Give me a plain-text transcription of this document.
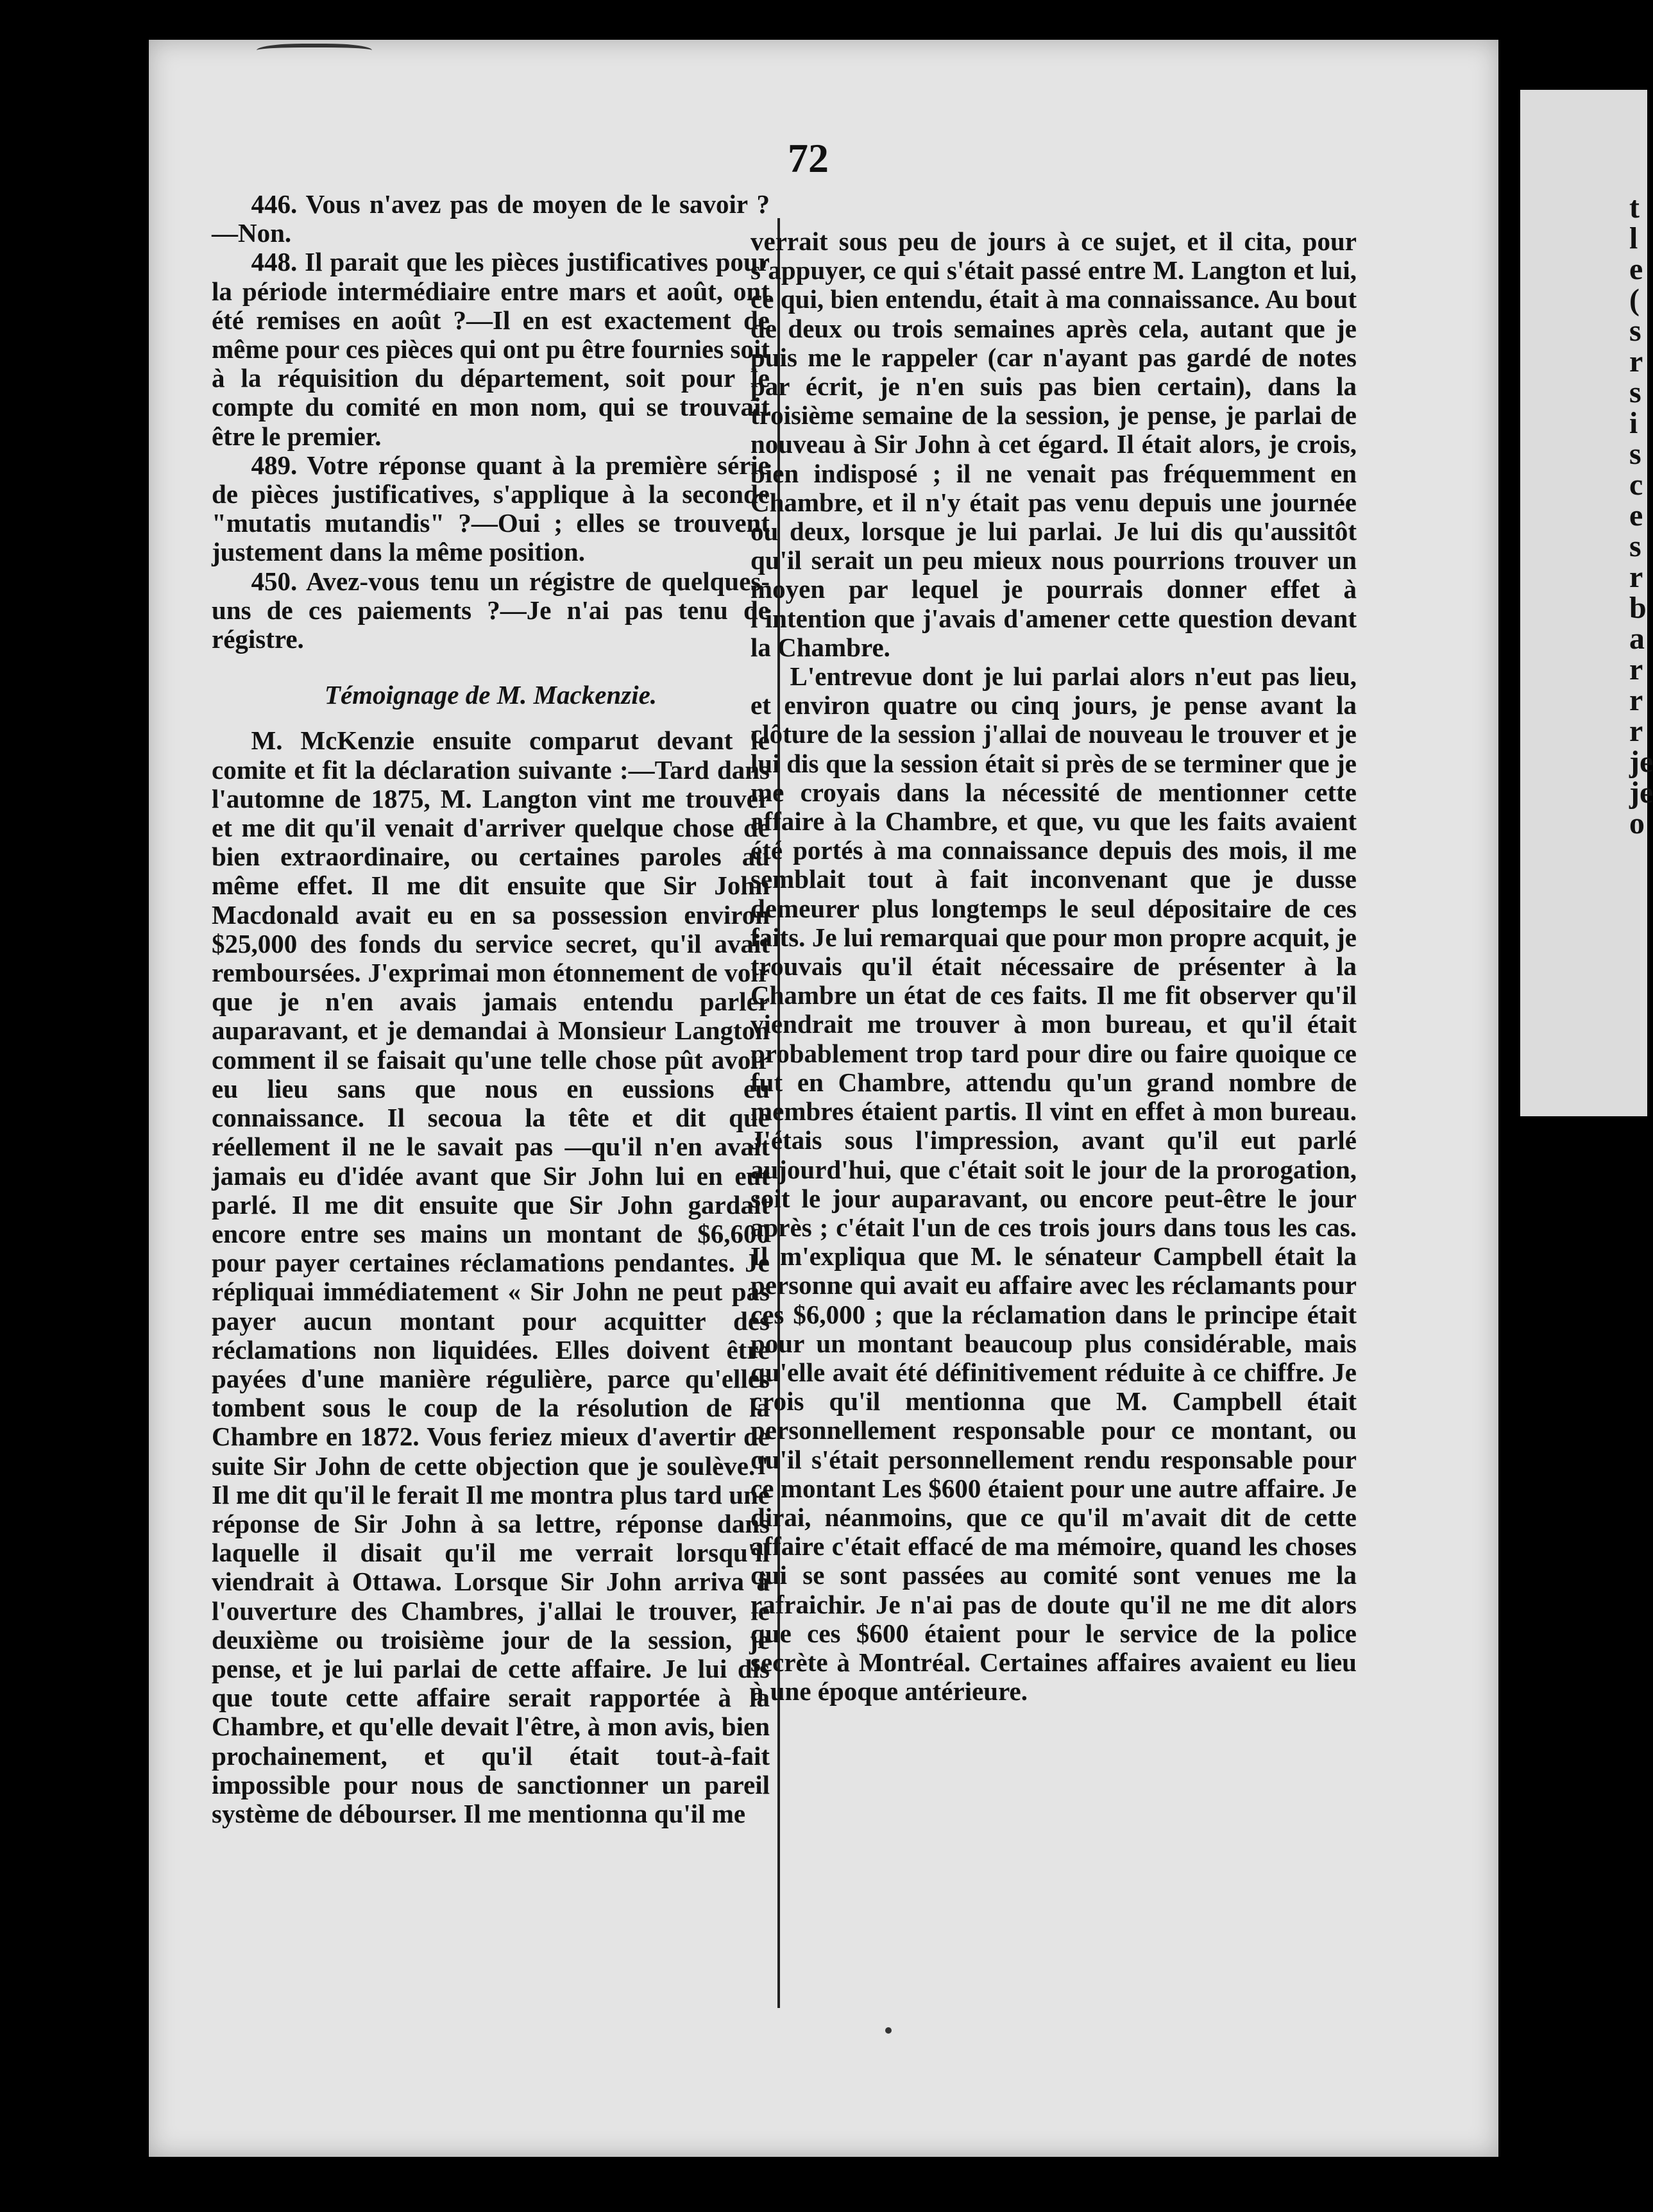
t
l
e
(
s
r
s
i
s
c
e
s
r
b
a
r
r
r
je
je
o
72

446. Vous n'avez pas de moyen de le savoir ?—Non.

448. Il parait que les pièces justificatives pour la période intermédiaire entre mars et août, ont été remises en août ?—Il en est exactement de même pour ces pièces qui ont pu être fournies soit à la réquisition du département, soit pour le compte du comité en mon nom, qui se trouvait être le premier.

489. Votre réponse quant à la première série de pièces justificatives, s'applique à la seconde "mutatis mutandis" ?—Oui ; elles se trouvent justement dans la même position.

450. Avez-vous tenu un régistre de quelques-uns de ces paiements ?—Je n'ai pas tenu de régistre.

Témoignage de M. Mackenzie.

M. McKenzie ensuite comparut devant le comite et fit la déclaration suivante :—Tard dans l'automne de 1875, M. Langton vint me trouver et me dit qu'il venait d'arriver quelque chose de bien extraordinaire, ou certaines paroles au même effet. Il me dit ensuite que Sir John Macdonald avait eu en sa possession environ $25,000 des fonds du service secret, qu'il avait remboursées. J'exprimai mon étonnement de voir que je n'en avais jamais entendu parler auparavant, et je demandai à Monsieur Langton comment il se faisait qu'une telle chose pût avoir eu lieu sans que nous en eussions eu connaissance. Il secoua la tête et dit que réellement il ne le savait pas —qu'il n'en avait jamais eu d'idée avant que Sir John lui en eut parlé. Il me dit ensuite que Sir John gardait encore entre ses mains un montant de $6,600 pour payer certaines réclamations pendantes. Je répliquai immédiatement « Sir John ne peut pas payer aucun montant pour acquitter des réclamations non liquidées. Elles doivent être payées d'une manière régulière, parce qu'elles tombent sous le coup de la résolution de la Chambre en 1872. Vous feriez mieux d'avertir de suite Sir John de cette objection que je soulève." Il me dit qu'il le ferait Il me montra plus tard une réponse de Sir John à sa lettre, réponse dans laquelle il disait qu'il me verrait lorsqu'il viendrait à Ottawa. Lorsque Sir John arriva à l'ouverture des Chambres, j'allai le trouver, le deuxième ou troisième jour de la session, je pense, et je lui parlai de cette affaire. Je lui dis que toute cette affaire serait rapportée à la Chambre, et qu'elle devait l'être, à mon avis, bien prochainement, et qu'il était tout-à-fait impossible pour nous de sanctionner un pareil système de débourser. Il me mentionna qu'il me

verrait sous peu de jours à ce sujet, et il cita, pour s'appuyer, ce qui s'était passé entre M. Langton et lui, ce qui, bien entendu, était à ma connaissance. Au bout de deux ou trois semaines après cela, autant que je puis me le rappeler (car n'ayant pas gardé de notes par écrit, je n'en suis pas bien certain), dans la troisième semaine de la session, je pense, je parlai de nouveau à Sir John à cet égard. Il était alors, je crois, bien indisposé ; il ne venait pas fréquemment en Chambre, et il n'y était pas venu depuis une journée ou deux, lorsque je lui parlai. Je lui dis qu'aussitôt qu'il serait un peu mieux nous pourrions trouver un moyen par lequel je pourrais donner effet à l'intention que j'avais d'amener cette question devant la Chambre.

L'entrevue dont je lui parlai alors n'eut pas lieu, et environ quatre ou cinq jours, je pense avant la clôture de la session j'allai de nouveau le trouver et je lui dis que la session était si près de se terminer que je me croyais dans la nécessité de mentionner cette affaire à la Chambre, et que, vu que les faits avaient été portés à ma connaissance depuis des mois, il me semblait tout à fait inconvenant que je dusse demeurer plus longtemps le seul dépositaire de ces faits. Je lui remarquai que pour mon propre acquit, je trouvais qu'il était nécessaire de présenter à la Chambre un état de ces faits. Il me fit observer qu'il viendrait me trouver à mon bureau, et qu'il était probablement trop tard pour dire ou faire quoique ce fut en Chambre, attendu qu'un grand nombre de membres étaient partis. Il vint en effet à mon bureau. J'étais sous l'impression, avant qu'il eut parlé aujourd'hui, que c'était soit le jour de la prorogation, soit le jour auparavant, ou encore peut-être le jour après ; c'était l'un de ces trois jours dans tous les cas. Il m'expliqua que M. le sénateur Campbell était la personne qui avait eu affaire avec les réclamants pour ces $6,000 ; que la réclamation dans le principe était pour un montant beaucoup plus considérable, mais qu'elle avait été définitivement réduite à ce chiffre. Je crois qu'il mentionna que M. Campbell était personnellement responsable pour ce montant, ou qu'il s'était personnellement rendu responsable pour ce montant Les $600 étaient pour une autre affaire. Je dirai, néanmoins, que ce qu'il m'avait dit de cette affaire c'était effacé de ma mémoire, quand les choses qui se sont passées au comité sont venues me la rafraichir. Je n'ai pas de doute qu'il ne me dit alors que ces $600 étaient pour le service de la police secrète à Montréal. Certaines affaires avaient eu lieu à une époque antérieure.
